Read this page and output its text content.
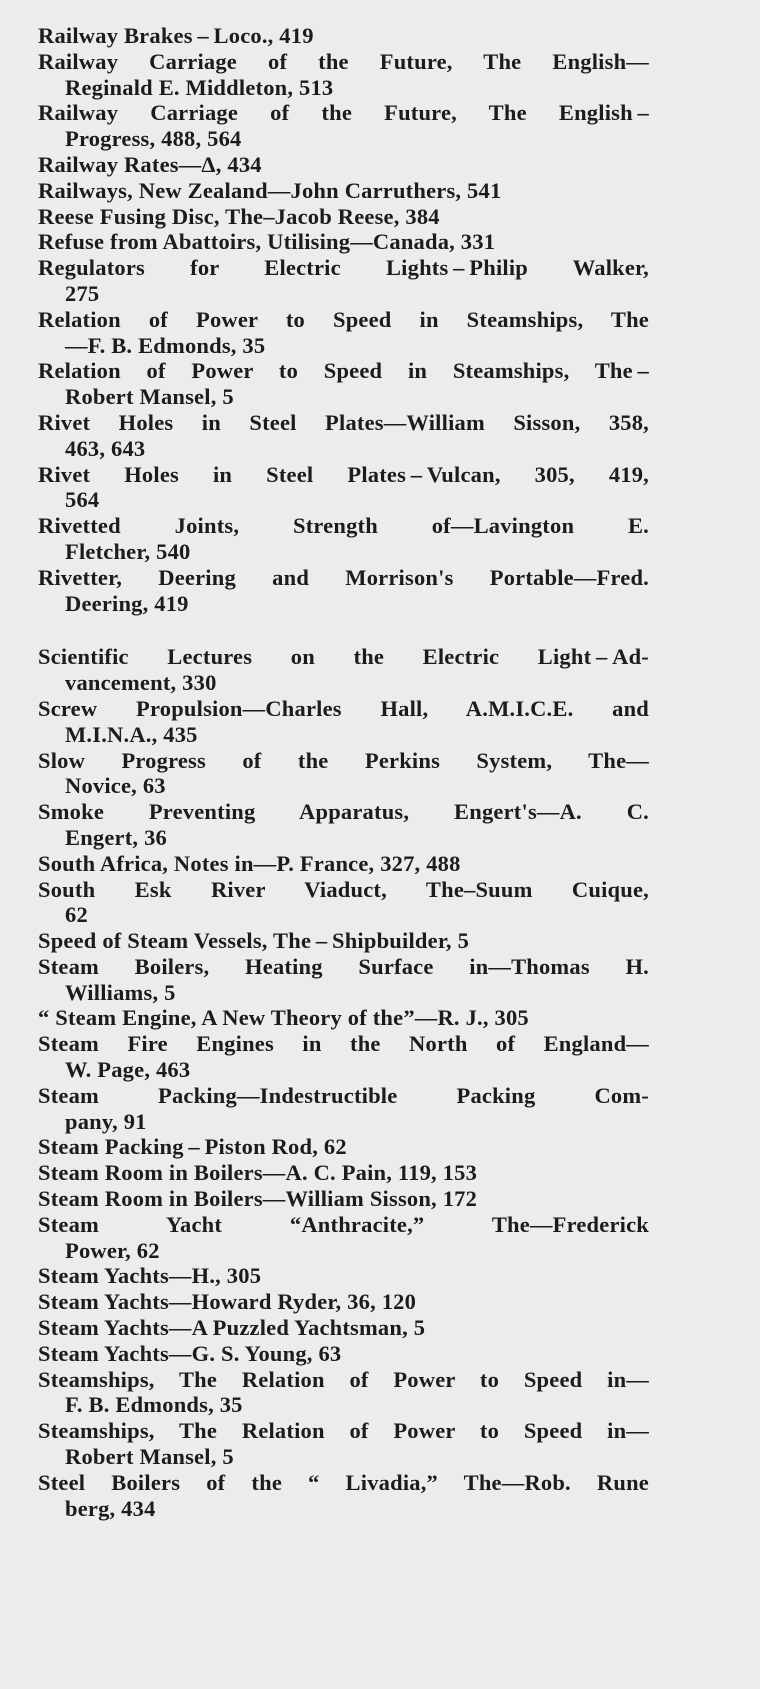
Railway Brakes – Loco., 419
Railway Carriage of the Future, The English—
Reginald E. Middleton, 513
Railway Carriage of the Future, The English –
Progress, 488, 564
Railway Rates—Δ, 434
Railways, New Zealand—John Carruthers, 541
Reese Fusing Disc, The–Jacob Reese, 384
Refuse from Abattoirs, Utilising—Canada, 331
Regulators for Electric Lights – Philip Walker,
275
Relation of Power to Speed in Steamships, The
—F. B. Edmonds, 35
Relation of Power to Speed in Steamships, The –
Robert Mansel, 5
Rivet Holes in Steel Plates—William Sisson, 358,
463, 643
Rivet Holes in Steel Plates – Vulcan, 305, 419,
564
Rivetted Joints, Strength of—Lavington E.
Fletcher, 540
Rivetter, Deering and Morrison's Portable—Fred.
Deering, 419
Scientific Lectures on the Electric Light – Ad-
vancement, 330
Screw Propulsion—Charles Hall, A.M.I.C.E. and
M.I.N.A., 435
Slow Progress of the Perkins System, The—
Novice, 63
Smoke Preventing Apparatus, Engert's—A. C.
Engert, 36
South Africa, Notes in—P. France, 327, 488
South Esk River Viaduct, The–Suum Cuique,
62
Speed of Steam Vessels, The – Shipbuilder, 5
Steam Boilers, Heating Surface in—Thomas H.
Williams, 5
“ Steam Engine, A New Theory of the”—R. J., 305
Steam Fire Engines in the North of England—
W. Page, 463
Steam Packing—Indestructible Packing Com-
pany, 91
Steam Packing – Piston Rod, 62
Steam Room in Boilers—A. C. Pain, 119, 153
Steam Room in Boilers—William Sisson, 172
Steam Yacht “Anthracite,” The—Frederick
Power, 62
Steam Yachts—H., 305
Steam Yachts—Howard Ryder, 36, 120
Steam Yachts—A Puzzled Yachtsman, 5
Steam Yachts—G. S. Young, 63
Steamships, The Relation of Power to Speed in—
F. B. Edmonds, 35
Steamships, The Relation of Power to Speed in—
Robert Mansel, 5
Steel Boilers of the “ Livadia,” The—Rob. Rune
berg, 434
